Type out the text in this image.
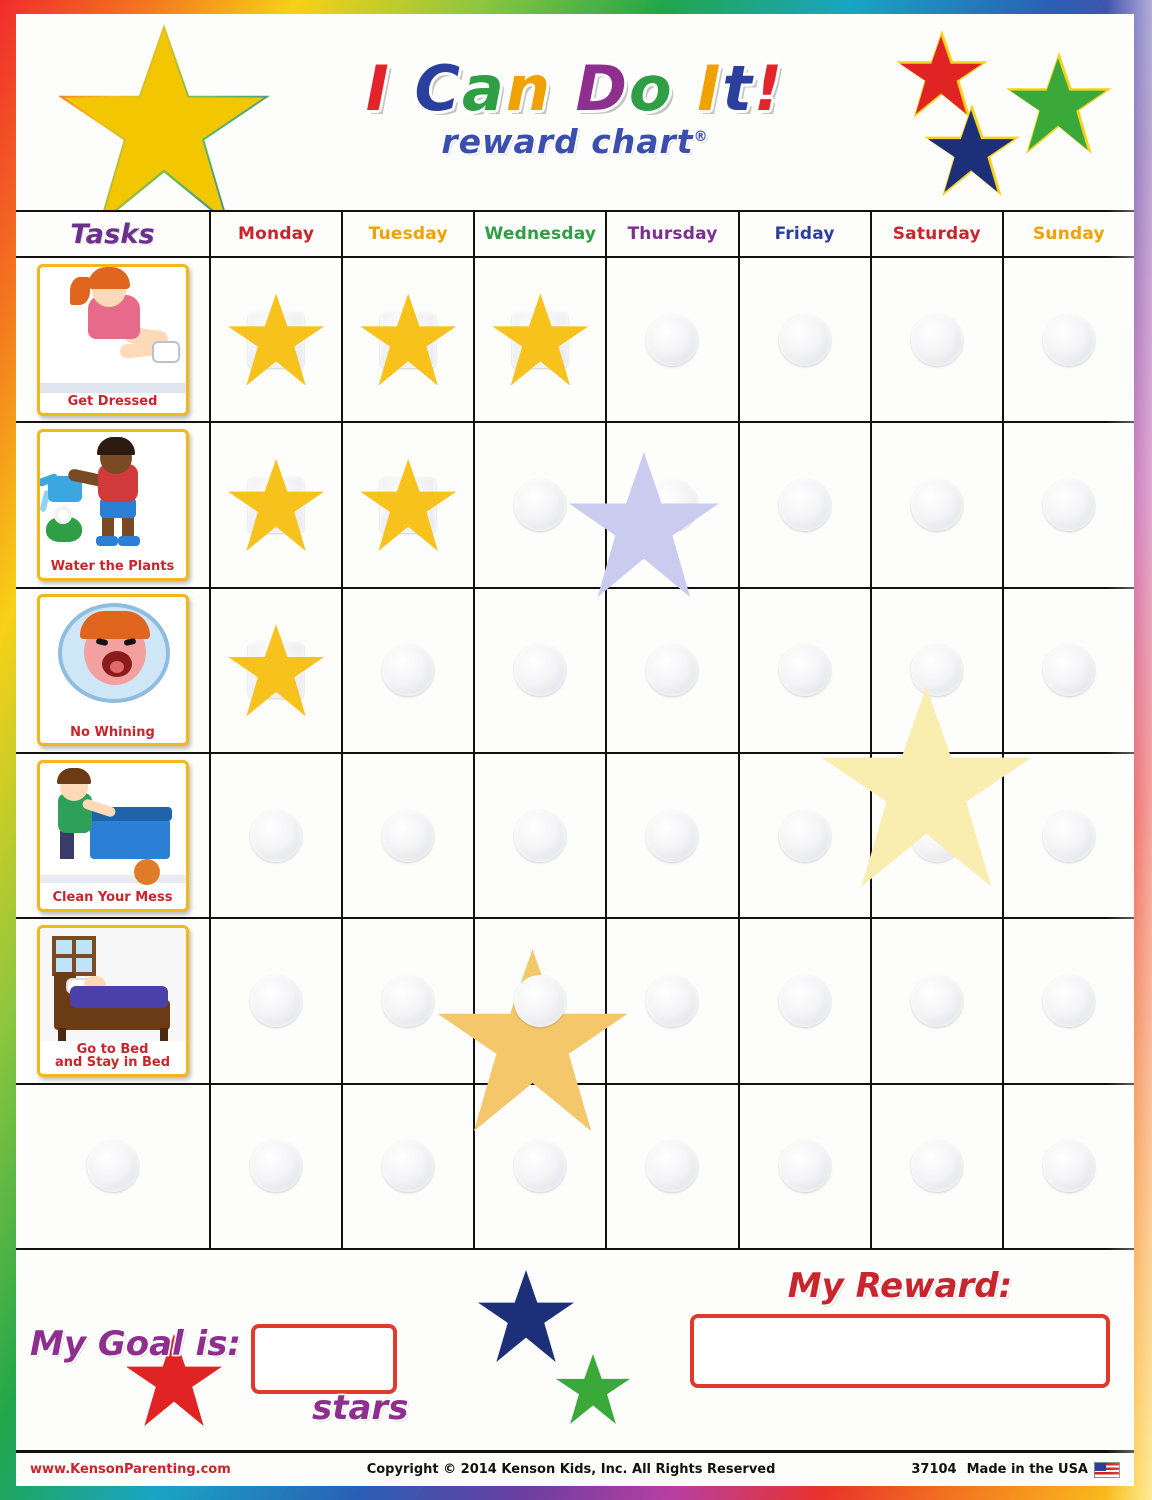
I Can Do It!
reward chart®
Tasks	Monday	Tuesday	Wednesday	Thursday	Friday	Saturday	Sunday
Get Dressed
Water the Plants
No Whining
Clean Your Mess
Go to Bed
and Stay in Bed
My Goal is:
stars
My Reward:
www.KensonParenting.com	Copyright © 2014 Kenson Kids, Inc. All Rights Reserved	37104 Made in the USA
